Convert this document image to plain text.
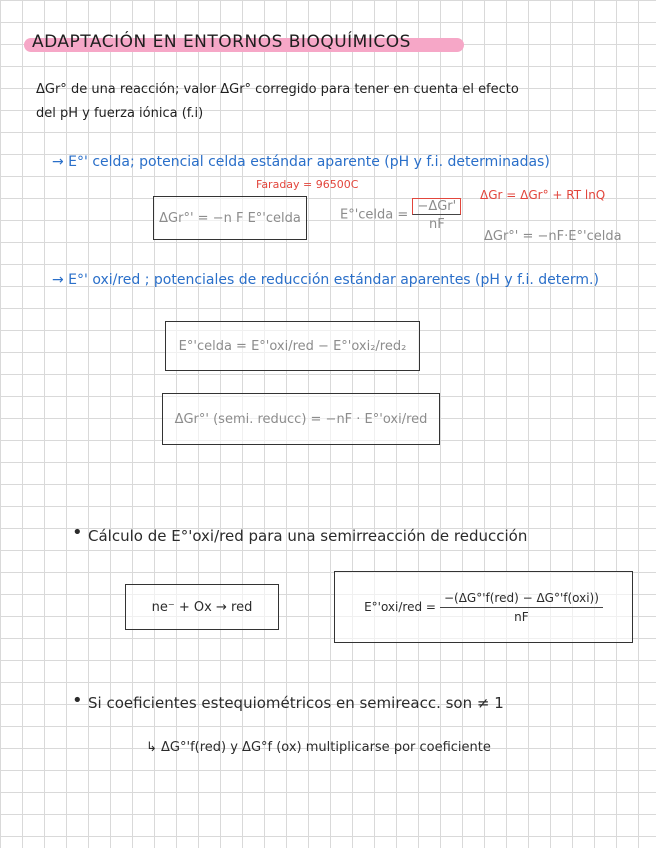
ADAPTACIÓN EN ENTORNOS BIOQUÍMICOS
ΔGr° de una reacción; valor ΔGr° corregido para tener en cuenta el efecto
del pH y fuerza iónica (f.i)
→ E°' celda; potencial celda estándar aparente (pH y f.i. determinadas)
Faraday = 96500C
ΔGr°' = −n F E°'celda	E°'celda = $\frac{\text{−ΔGr'}}{nF}$
ΔGr = ΔGr° + RT lnQ
ΔGr°' = −nF·E°'celda
→ E°' oxi/red ; potenciales de reducción estándar aparentes (pH y f.i. determ.)
E°'celda = E°'oxi/red − E°'oxi₂/red₂
ΔGr°' (semi. reducc) = −nF · E°'oxi/red
• Cálculo de E°'oxi/red para una semirreacción de reducción
ne⁻ + Ox → red	$E^\circ'oxi/red = \frac{\text{−(ΔG°'f(red) − ΔG°'f(oxi))}}{nF}$
• Si coeficientes estequiométricos en semireacc. son ≠ 1
↳ ΔG°'f(red) y ΔG°f (ox) multiplicarse por coeficiente
